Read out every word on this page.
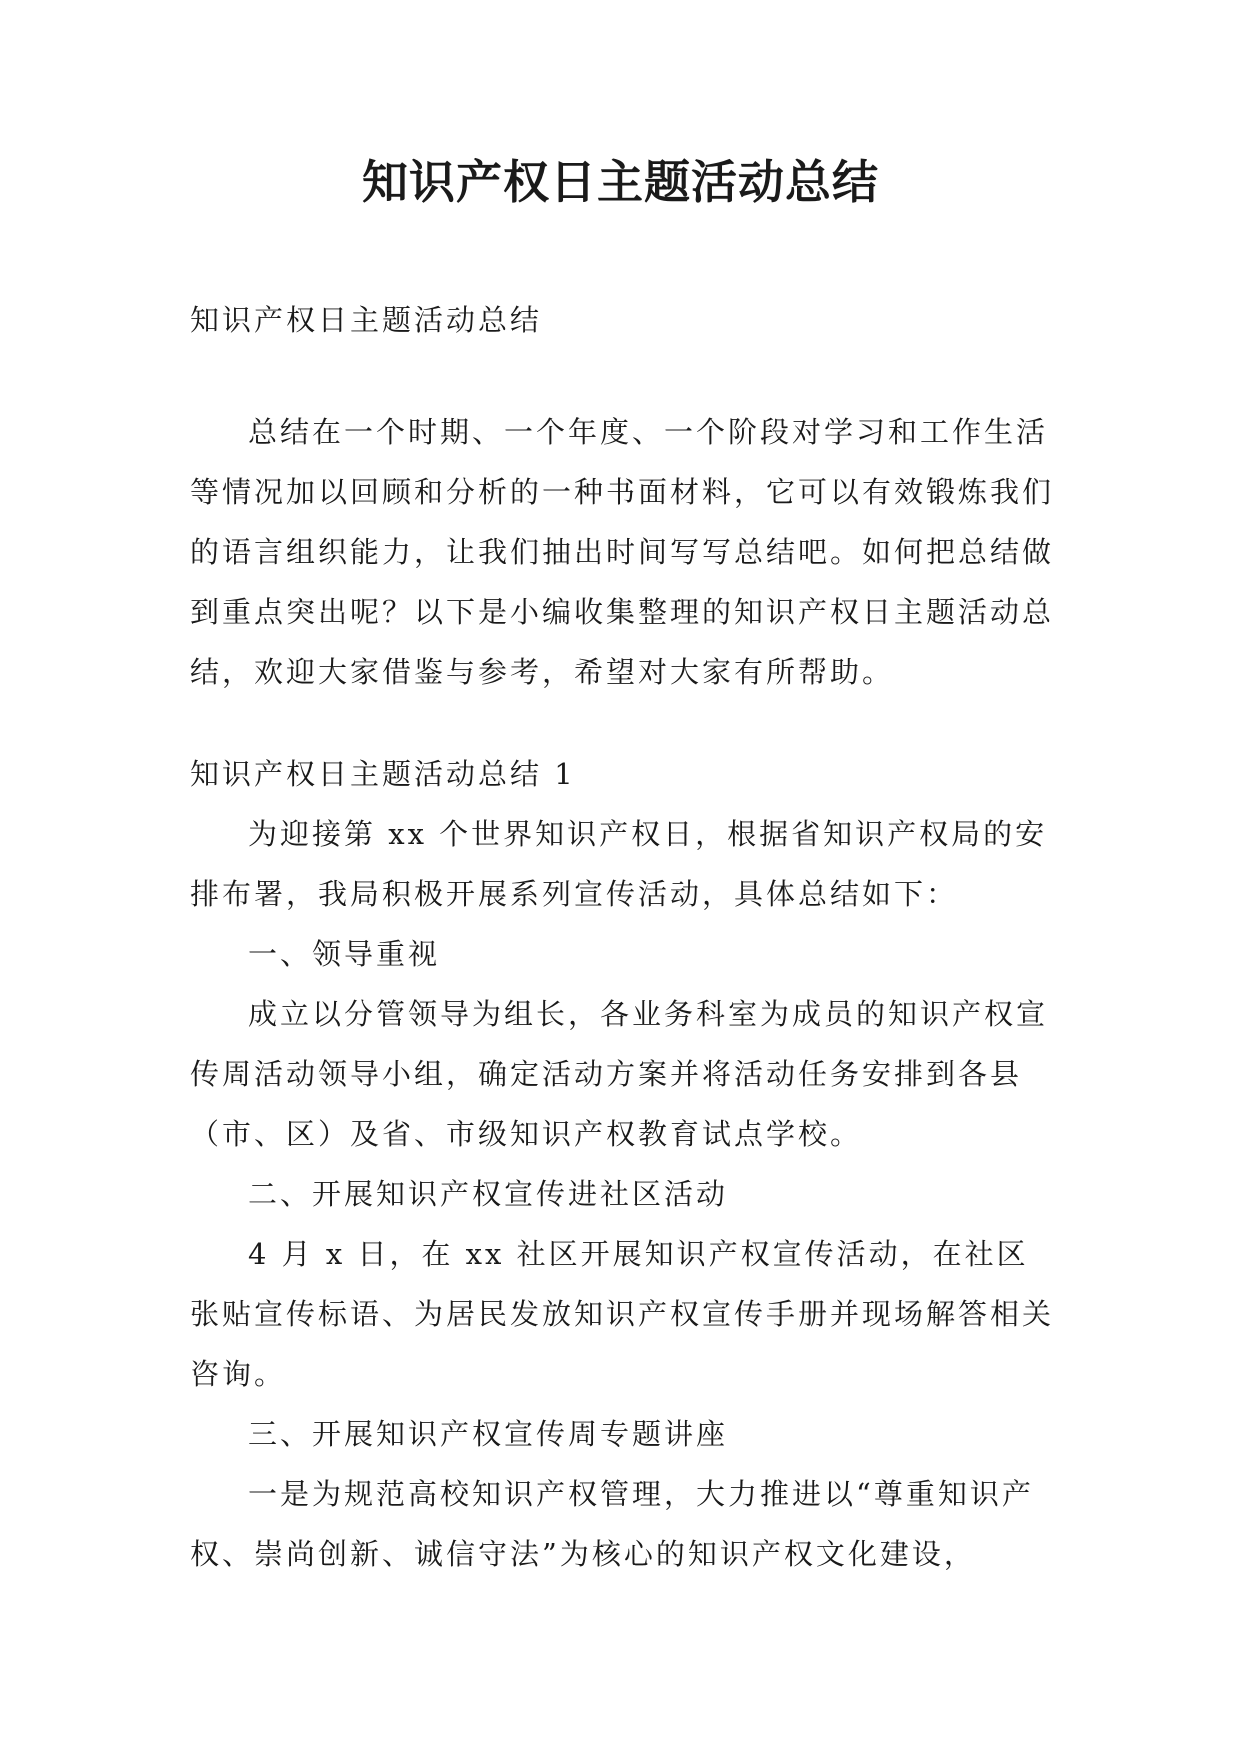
知识产权日主题活动总结

知识产权日主题活动总结

总结在一个时期、一个年度、一个阶段对学习和工作生活等情况加以回顾和分析的一种书面材料，它可以有效锻炼我们的语言组织能力，让我们抽出时间写写总结吧。如何把总结做到重点突出呢？以下是小编收集整理的知识产权日主题活动总结，欢迎大家借鉴与参考，希望对大家有所帮助。

知识产权日主题活动总结 1

为迎接第 xx 个世界知识产权日，根据省知识产权局的安排布署，我局积极开展系列宣传活动，具体总结如下：

一、领导重视

成立以分管领导为组长，各业务科室为成员的知识产权宣传周活动领导小组，确定活动方案并将活动任务安排到各县（市、区）及省、市级知识产权教育试点学校。

二、开展知识产权宣传进社区活动

4 月 x 日，在 xx 社区开展知识产权宣传活动，在社区张贴宣传标语、为居民发放知识产权宣传手册并现场解答相关咨询。

三、开展知识产权宣传周专题讲座

一是为规范高校知识产权管理，大力推进以“尊重知识产权、崇尚创新、诚信守法”为核心的知识产权文化建设，
